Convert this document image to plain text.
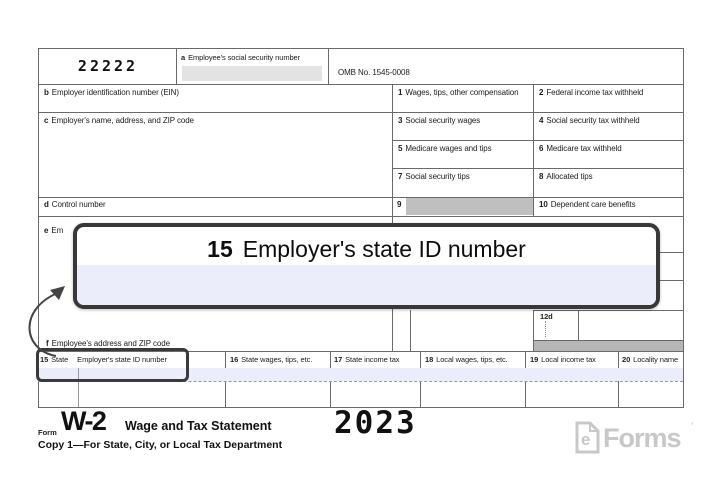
22222	a Employee's social security number
OMB No. 1545-0008
b Employer identification number (EIN)
c Employer's name, address, and ZIP code
d Control number
e Em
f Employee's address and ZIP code
1 Wages, tips, other compensation	2 Federal income tax withheld
3 Social security wages	4 Social security tax withheld
5 Medicare wages and tips	6 Medicare tax withheld
7 Social security tips	8 Allocated tips
9	10 Dependent care benefits
12d
15 State Employer's state ID number	16 State wages, tips, etc.	17 State income tax	18 Local wages, tips, etc.	19 Local income tax	20 Locality name
15 Employer's state ID number
Form W-2 Wage and Tax Statement 2023
Copy 1—For State, City, or Local Tax Department	e Forms ’
